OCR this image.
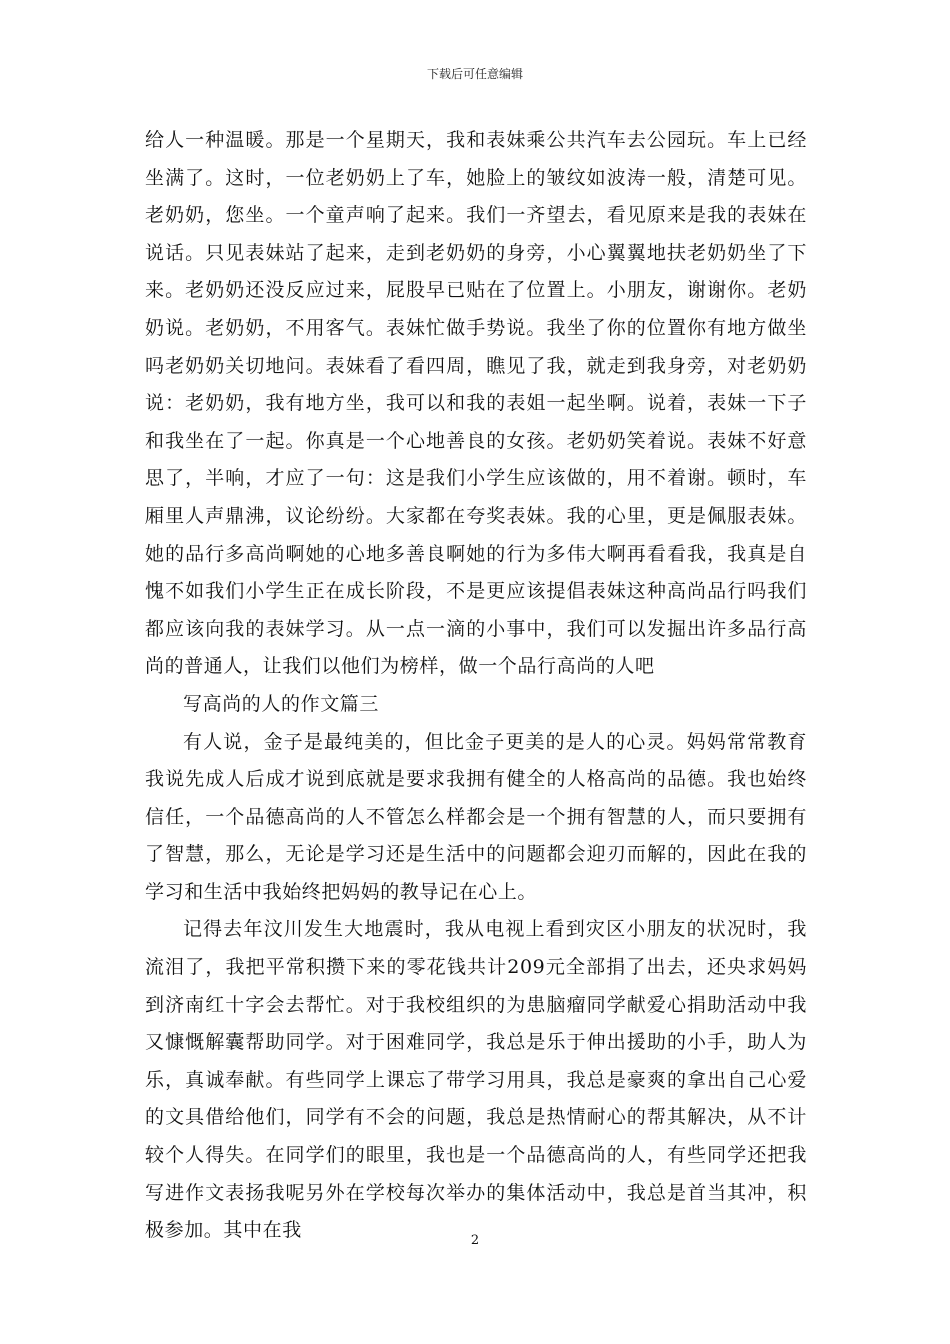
下载后可任意编辑

给人一种温暖。那是一个星期天，我和表妹乘公共汽车去公园玩。车上已经坐满了。这时，一位老奶奶上了车，她脸上的皱纹如波涛一般，清楚可见。老奶奶，您坐。一个童声响了起来。我们一齐望去，看见原来是我的表妹在说话。只见表妹站了起来，走到老奶奶的身旁，小心翼翼地扶老奶奶坐了下来。老奶奶还没反应过来，屁股早已贴在了位置上。小朋友，谢谢你。老奶奶说。老奶奶，不用客气。表妹忙做手势说。我坐了你的位置你有地方做坐吗老奶奶关切地问。表妹看了看四周，瞧见了我，就走到我身旁，对老奶奶说：老奶奶，我有地方坐，我可以和我的表姐一起坐啊。说着，表妹一下子和我坐在了一起。你真是一个心地善良的女孩。老奶奶笑着说。表妹不好意思了，半响，才应了一句：这是我们小学生应该做的，用不着谢。顿时，车厢里人声鼎沸，议论纷纷。大家都在夸奖表妹。我的心里，更是佩服表妹。她的品行多高尚啊她的心地多善良啊她的行为多伟大啊再看看我，我真是自愧不如我们小学生正在成长阶段，不是更应该提倡表妹这种高尚品行吗我们都应该向我的表妹学习。从一点一滴的小事中，我们可以发掘出许多品行高尚的普通人，让我们以他们为榜样，做一个品行高尚的人吧

写高尚的人的作文篇三

有人说，金子是最纯美的，但比金子更美的是人的心灵。妈妈常常教育我说先成人后成才说到底就是要求我拥有健全的人格高尚的品德。我也始终信任，一个品德高尚的人不管怎么样都会是一个拥有智慧的人，而只要拥有了智慧，那么，无论是学习还是生活中的问题都会迎刃而解的，因此在我的学习和生活中我始终把妈妈的教导记在心上。

记得去年汶川发生大地震时，我从电视上看到灾区小朋友的状况时，我流泪了，我把平常积攒下来的零花钱共计209元全部捐了出去，还央求妈妈到济南红十字会去帮忙。对于我校组织的为患脑瘤同学献爱心捐助活动中我又慷慨解囊帮助同学。对于困难同学，我总是乐于伸出援助的小手，助人为乐，真诚奉献。有些同学上课忘了带学习用具，我总是豪爽的拿出自己心爱的文具借给他们，同学有不会的问题，我总是热情耐心的帮其解决，从不计较个人得失。在同学们的眼里，我也是一个品德高尚的人，有些同学还把我写进作文表扬我呢另外在学校每次举办的集体活动中，我总是首当其冲，积极参加。其中在我	2
